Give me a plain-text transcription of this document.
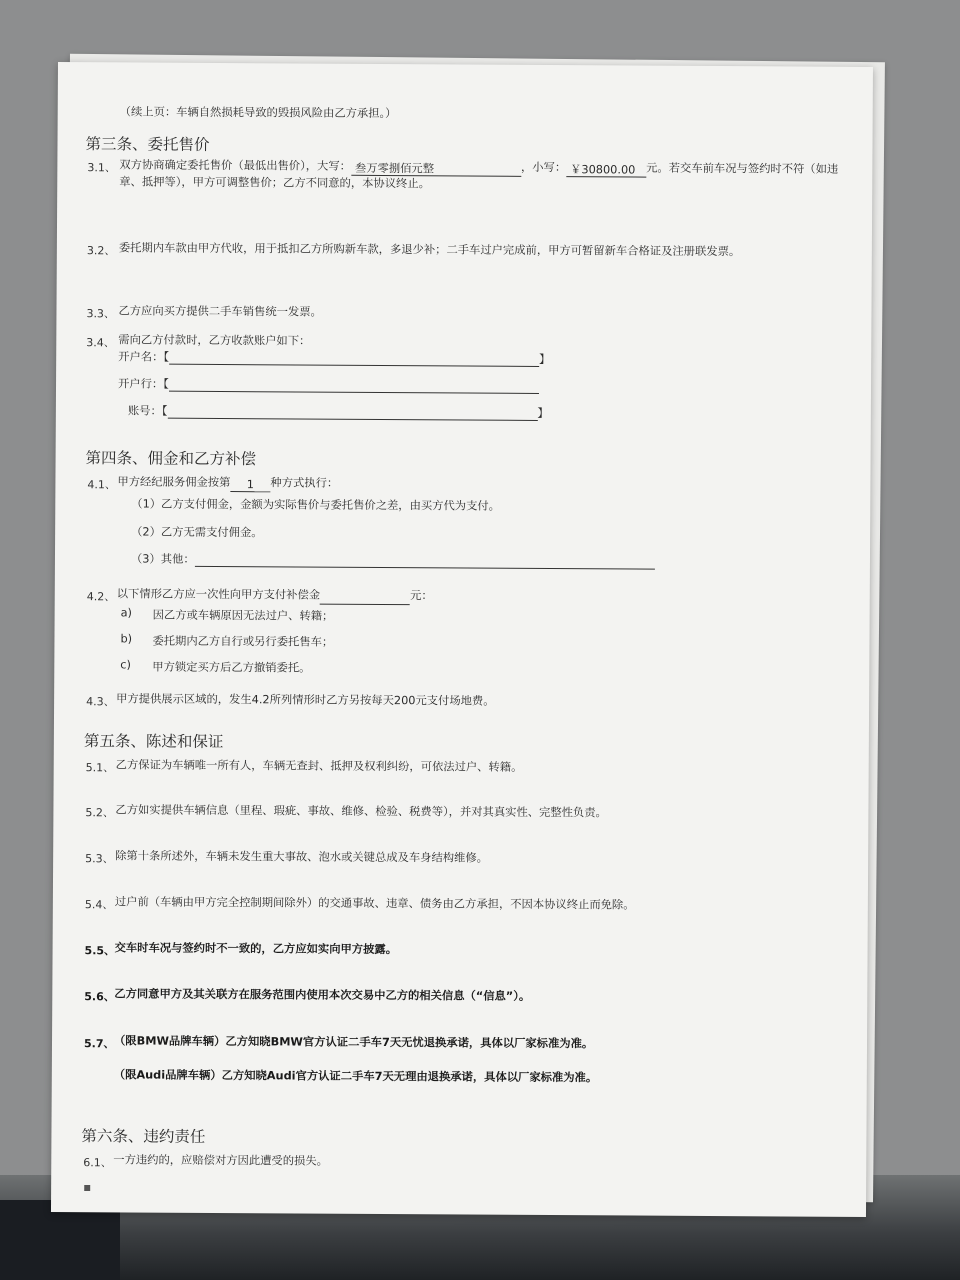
（续上页：车辆自然损耗导致的毁损风险由乙方承担。）
第三条、委托售价
3.1、 双方协商确定委托售价（最低出售价），大写： 叁万零捌佰元整	，小写： ￥30800.00 元。若交车前车况与签约时不符（如违章、抵押等），甲方可调整售价；乙方不同意的，本协议终止。
3.2、 委托期内车款由甲方代收，用于抵扣乙方所购新车款，多退少补；二手车过户完成前，甲方可暂留新车合格证及注册联发票。
3.3、 乙方应向买方提供二手车销售统一发票。
3.4、 需向乙方付款时，乙方收款账户如下：
开户名：【	】
开户行：【
账号：【	】
第四条、佣金和乙方补偿
4.1、 甲方经纪服务佣金按第 1 种方式执行：
（1）乙方支付佣金，金额为实际售价与委托售价之差，由买方代为支付。
（2）乙方无需支付佣金。
（3）其他：
4.2、 以下情形乙方应一次性向甲方支付补偿金	元：
a) 因乙方或车辆原因无法过户、转籍；
b) 委托期内乙方自行或另行委托售车；
c) 甲方锁定买方后乙方撤销委托。
4.3、 甲方提供展示区域的，发生4.2所列情形时乙方另按每天200元支付场地费。
第五条、陈述和保证
5.1、 乙方保证为车辆唯一所有人，车辆无查封、抵押及权利纠纷，可依法过户、转籍。
5.2、 乙方如实提供车辆信息（里程、瑕疵、事故、维修、检验、税费等），并对其真实性、完整性负责。
5.3、 除第十条所述外，车辆未发生重大事故、泡水或关键总成及车身结构维修。
5.4、 过户前（车辆由甲方完全控制期间除外）的交通事故、违章、债务由乙方承担，不因本协议终止而免除。
5.5、 交车时车况与签约时不一致的，乙方应如实向甲方披露。
5.6、 乙方同意甲方及其关联方在服务范围内使用本次交易中乙方的相关信息（“信息”）。
5.7、 （限BMW品牌车辆）乙方知晓BMW官方认证二手车7天无忧退换承诺，具体以厂家标准为准。
（限Audi品牌车辆）乙方知晓Audi官方认证二手车7天无理由退换承诺，具体以厂家标准为准。
第六条、违约责任
6.1、 一方违约的，应赔偿对方因此遭受的损失。
▪
